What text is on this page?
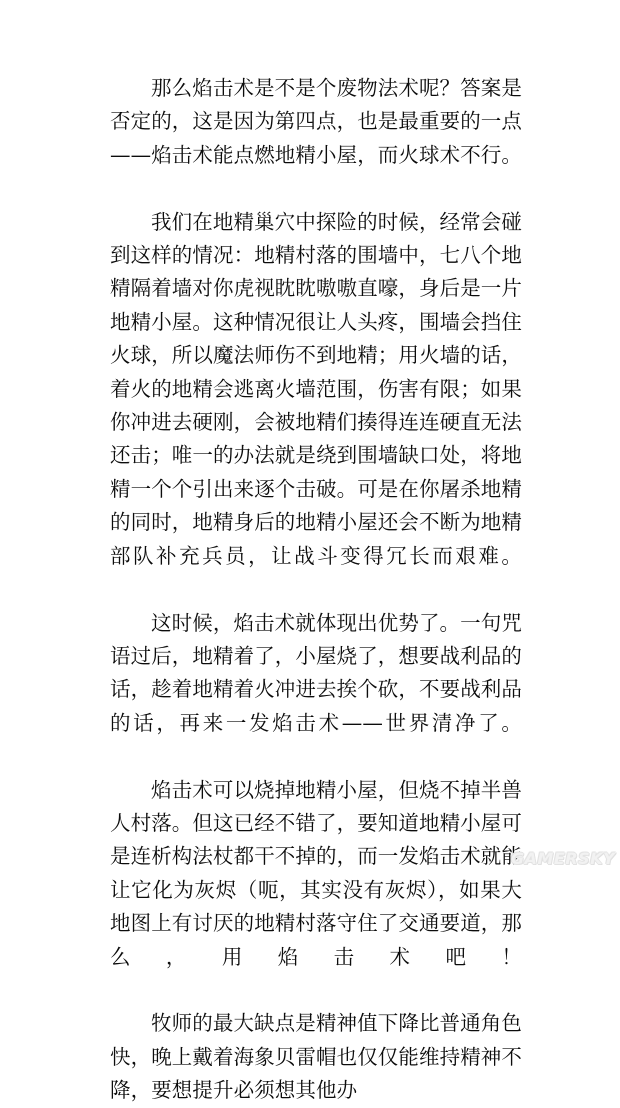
那么焰击术是不是个废物法术呢？答案是否定的，这是因为第四点，也是最重要的一点——焰击术能点燃地精小屋，而火球术不行。

我们在地精巢穴中探险的时候，经常会碰到这样的情况：地精村落的围墙中，七八个地精隔着墙对你虎视眈眈嗷嗷直嚎，身后是一片地精小屋。这种情况很让人头疼，围墙会挡住火球，所以魔法师伤不到地精；用火墙的话，着火的地精会逃离火墙范围，伤害有限；如果你冲进去硬刚，会被地精们揍得连连硬直无法还击；唯一的办法就是绕到围墙缺口处，将地精一个个引出来逐个击破。可是在你屠杀地精的同时，地精身后的地精小屋还会不断为地精部队补充兵员，让战斗变得冗长而艰难。

这时候，焰击术就体现出优势了。一句咒语过后，地精着了，小屋烧了，想要战利品的话，趁着地精着火冲进去挨个砍，不要战利品的话，再来一发焰击术——世界清净了。

焰击术可以烧掉地精小屋，但烧不掉半兽人村落。但这已经不错了，要知道地精小屋可是连析构法杖都干不掉的，而一发焰击术就能让它化为灰烬（呃，其实没有灰烬），如果大地图上有讨厌的地精村落守住了交通要道，那么，用焰击术吧！

牧师的最大缺点是精神值下降比普通角色快，晚上戴着海象贝雷帽也仅仅能维持精神不降，要想提升必须想其他办

GAMERSKY
